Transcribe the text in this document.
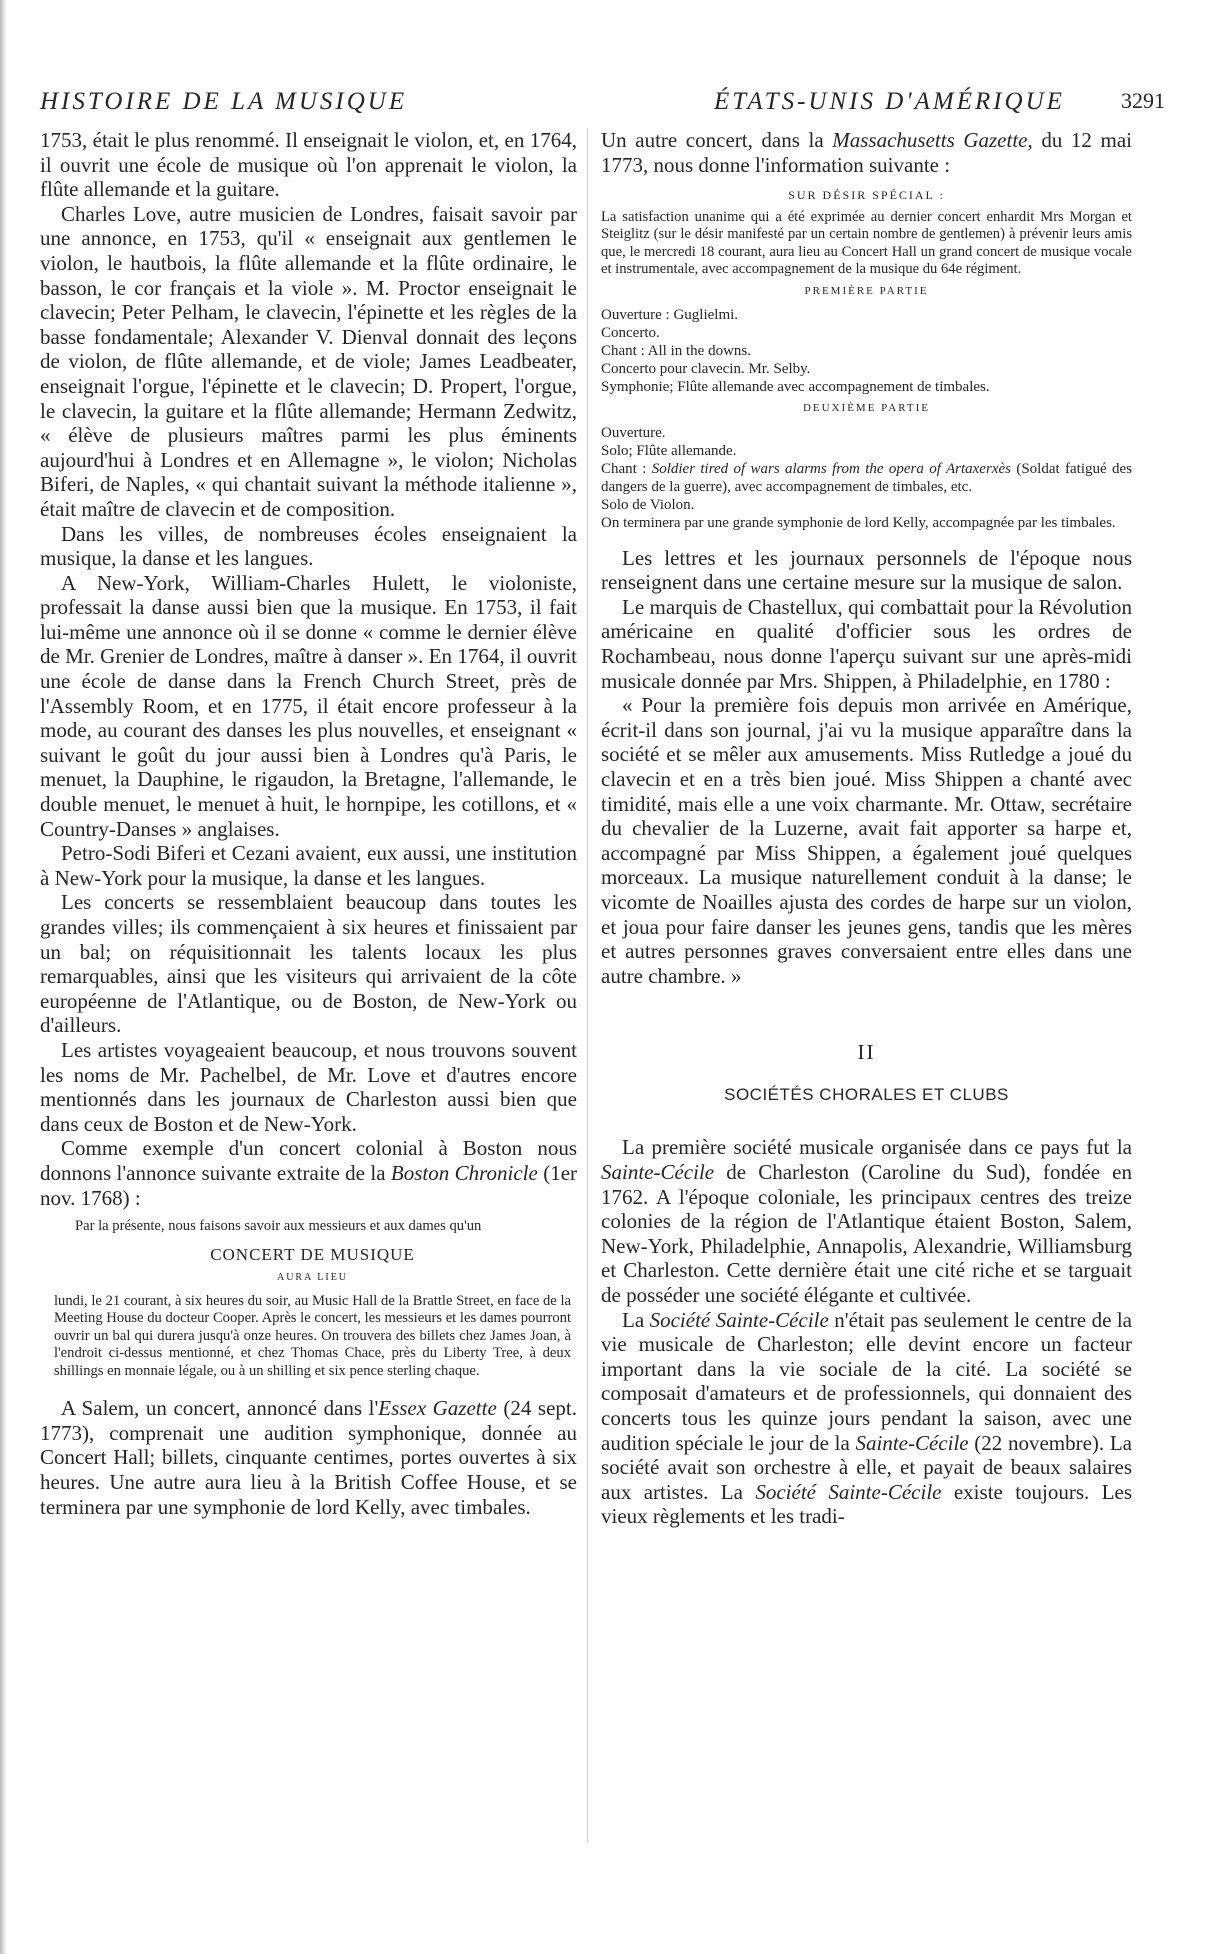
HISTOIRE DE LA MUSIQUE	ÉTATS-UNIS D'AMÉRIQUE	3291

1753, était le plus renommé. Il enseignait le violon, et, en 1764, il ouvrit une école de musique où l'on apprenait le violon, la flûte allemande et la guitare.

Charles Love, autre musicien de Londres, faisait savoir par une annonce, en 1753, qu'il « enseignait aux gentlemen le violon, le hautbois, la flûte allemande et la flûte ordinaire, le basson, le cor français et la viole ». M. Proctor enseignait le clavecin; Peter Pelham, le clavecin, l'épinette et les règles de la basse fondamentale; Alexander V. Dienval donnait des leçons de violon, de flûte allemande, et de viole; James Leadbeater, enseignait l'orgue, l'épinette et le clavecin; D. Propert, l'orgue, le clavecin, la guitare et la flûte allemande; Hermann Zedwitz, « élève de plusieurs maîtres parmi les plus éminents aujourd'hui à Londres et en Allemagne », le violon; Nicholas Biferi, de Naples, « qui chantait suivant la méthode italienne », était maître de clavecin et de composition.

Dans les villes, de nombreuses écoles enseignaient la musique, la danse et les langues.

A New-York, William-Charles Hulett, le violoniste, professait la danse aussi bien que la musique. En 1753, il fait lui-même une annonce où il se donne « comme le dernier élève de Mr. Grenier de Londres, maître à danser ». En 1764, il ouvrit une école de danse dans la French Church Street, près de l'Assembly Room, et en 1775, il était encore professeur à la mode, au courant des danses les plus nouvelles, et enseignant « suivant le goût du jour aussi bien à Londres qu'à Paris, le menuet, la Dauphine, le rigaudon, la Bretagne, l'allemande, le double menuet, le menuet à huit, le hornpipe, les cotillons, et « Country-Danses » anglaises.

Petro-Sodi Biferi et Cezani avaient, eux aussi, une institution à New-York pour la musique, la danse et les langues.

Les concerts se ressemblaient beaucoup dans toutes les grandes villes; ils commençaient à six heures et finissaient par un bal; on réquisitionnait les talents locaux les plus remarquables, ainsi que les visiteurs qui arrivaient de la côte européenne de l'Atlantique, ou de Boston, de New-York ou d'ailleurs.

Les artistes voyageaient beaucoup, et nous trouvons souvent les noms de Mr. Pachelbel, de Mr. Love et d'autres encore mentionnés dans les journaux de Charleston aussi bien que dans ceux de Boston et de New-York.

Comme exemple d'un concert colonial à Boston nous donnons l'annonce suivante extraite de la Boston Chronicle (1er nov. 1768) :

Par la présente, nous faisons savoir aux messieurs et aux dames qu'un

CONCERT DE MUSIQUE
AURA LIEU

lundi, le 21 courant, à six heures du soir, au Music Hall de la Brattle Street, en face de la Meeting House du docteur Cooper. Après le concert, les messieurs et les dames pourront ouvrir un bal qui durera jusqu'à onze heures. On trouvera des billets chez James Joan, à l'endroit ci-dessus mentionné, et chez Thomas Chace, près du Liberty Tree, à deux shillings en monnaie légale, ou à un shilling et six pence sterling chaque.

A Salem, un concert, annoncé dans l'Essex Gazette (24 sept. 1773), comprenait une audition symphonique, donnée au Concert Hall; billets, cinquante centimes, portes ouvertes à six heures. Une autre aura lieu à la British Coffee House, et se terminera par une symphonie de lord Kelly, avec timbales.

Un autre concert, dans la Massachusetts Gazette, du 12 mai 1773, nous donne l'information suivante :

SUR DÉSIR SPÉCIAL :

La satisfaction unanime qui a été exprimée au dernier concert enhardit Mrs Morgan et Steiglitz (sur le désir manifesté par un certain nombre de gentlemen) à prévenir leurs amis que, le mercredi 18 courant, aura lieu au Concert Hall un grand concert de musique vocale et instrumentale, avec accompagnement de la musique du 64e régiment.

PREMIÈRE PARTIE
Ouverture : Guglielmi.
Concerto.
Chant : All in the downs.
Concerto pour clavecin. Mr. Selby.
Symphonie; Flûte allemande avec accompagnement de timbales.
DEUXIÈME PARTIE
Ouverture.
Solo; Flûte allemande.
Chant : Soldier tired of wars alarms from the opera of Artaxerxès (Soldat fatigué des dangers de la guerre), avec accompagnement de timbales, etc.
Solo de Violon.
On terminera par une grande symphonie de lord Kelly, accompagnée par les timbales.

Les lettres et les journaux personnels de l'époque nous renseignent dans une certaine mesure sur la musique de salon.

Le marquis de Chastellux, qui combattait pour la Révolution américaine en qualité d'officier sous les ordres de Rochambeau, nous donne l'aperçu suivant sur une après-midi musicale donnée par Mrs. Shippen, à Philadelphie, en 1780 :

« Pour la première fois depuis mon arrivée en Amérique, écrit-il dans son journal, j'ai vu la musique apparaître dans la société et se mêler aux amusements. Miss Rutledge a joué du clavecin et en a très bien joué. Miss Shippen a chanté avec timidité, mais elle a une voix charmante. Mr. Ottaw, secrétaire du chevalier de la Luzerne, avait fait apporter sa harpe et, accompagné par Miss Shippen, a également joué quelques morceaux. La musique naturellement conduit à la danse; le vicomte de Noailles ajusta des cordes de harpe sur un violon, et joua pour faire danser les jeunes gens, tandis que les mères et autres personnes graves conversaient entre elles dans une autre chambre. »

II
SOCIÉTÉS CHORALES ET CLUBS

La première société musicale organisée dans ce pays fut la Sainte-Cécile de Charleston (Caroline du Sud), fondée en 1762. A l'époque coloniale, les principaux centres des treize colonies de la région de l'Atlantique étaient Boston, Salem, New-York, Philadelphie, Annapolis, Alexandrie, Williamsburg et Charleston. Cette dernière était une cité riche et se targuait de posséder une société élégante et cultivée.

La Société Sainte-Cécile n'était pas seulement le centre de la vie musicale de Charleston; elle devint encore un facteur important dans la vie sociale de la cité. La société se composait d'amateurs et de professionnels, qui donnaient des concerts tous les quinze jours pendant la saison, avec une audition spéciale le jour de la Sainte-Cécile (22 novembre). La société avait son orchestre à elle, et payait de beaux salaires aux artistes. La Société Sainte-Cécile existe toujours. Les vieux règlements et les tradi-
